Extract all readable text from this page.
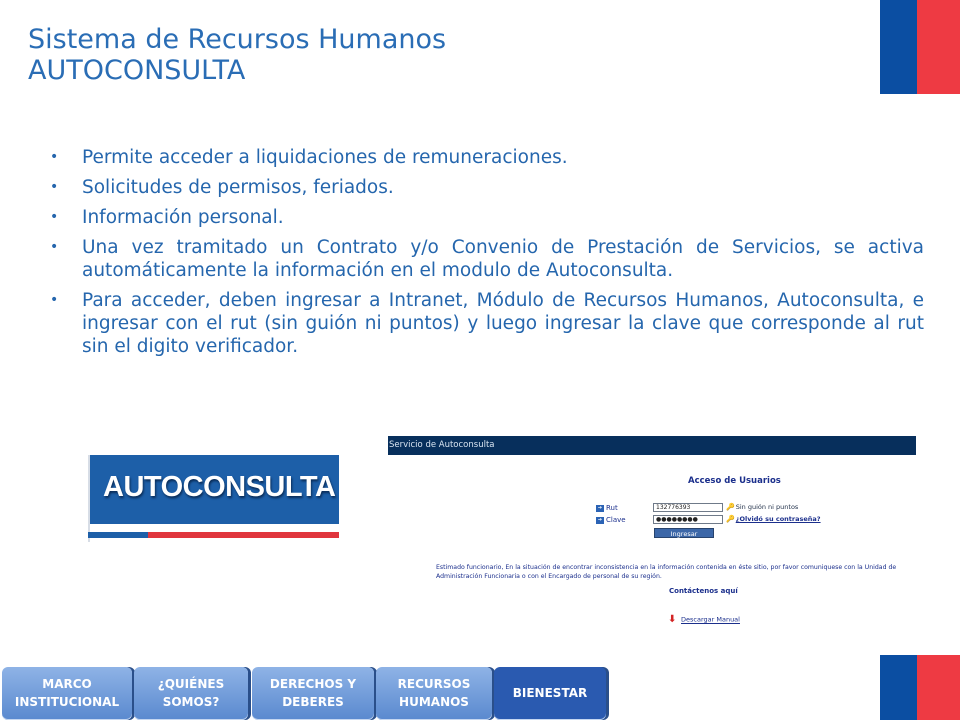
Sistema de Recursos Humanos
AUTOCONSULTA
• Permite acceder a liquidaciones de remuneraciones.
• Solicitudes de permisos, feriados.
• Información personal.
• Una vez tramitado un Contrato y/o Convenio de Prestación de Servicios, se activa automáticamente la información en el modulo de Autoconsulta.
• Para acceder, deben ingresar a Intranet, Módulo de Recursos Humanos, Autoconsulta, e ingresar con el rut (sin guión ni puntos) y luego ingresar la clave que corresponde al rut sin el digito verificador.
AUTOCONSULTA
Servicio de Autoconsulta
Acceso de Usuarios
➔ Rut	132776393	🔑Sin guión ni puntos
➔ Clave	●●●●●●●●	🔑¿Olvidó su contraseña?
Ingresar
Estimado funcionario, En la situación de encontrar inconsistencia en la información contenida en éste sitio, por favor comuniquese con la Unidad de Administración Funcionaria o con el Encargado de personal de su región.
Contáctenos aquí
⬇ Descargar Manual
MARCO
INSTITUCIONAL
¿QUIÉNES
SOMOS?
DERECHOS Y
DEBERES
RECURSOS
HUMANOS
BIENESTAR
